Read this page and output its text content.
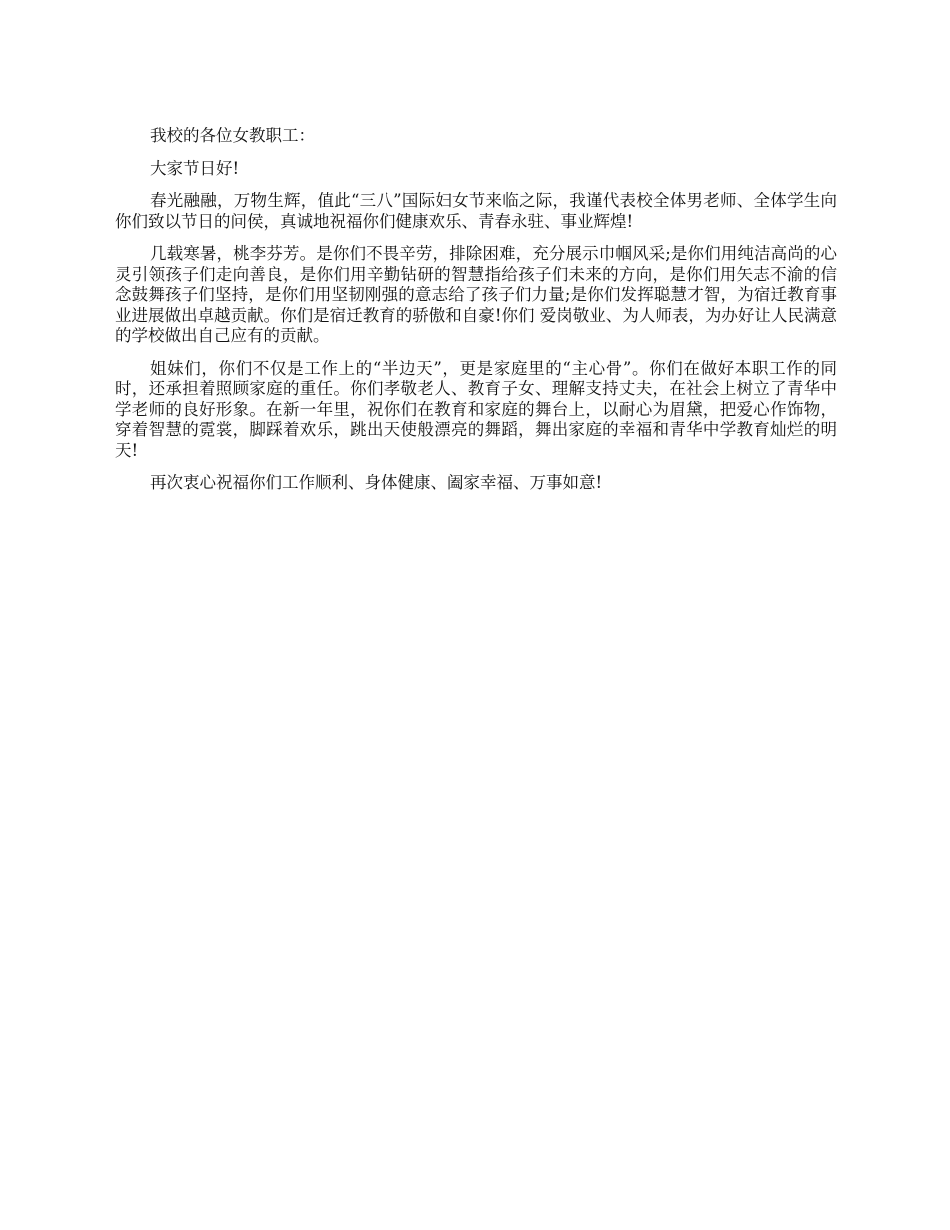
我校的各位女教职工：

大家节日好!

春光融融，万物生辉，值此“三八”国际妇女节来临之际，我谨代表校全体男老师、全体学生向你们致以节日的问侯，真诚地祝福你们健康欢乐、青春永驻、事业辉煌!

几载寒暑，桃李芬芳。是你们不畏辛劳，排除困难，充分展示巾帼风采;是你们用纯洁高尚的心灵引领孩子们走向善良，是你们用辛勤钻研的智慧指给孩子们未来的方向，是你们用矢志不渝的信念鼓舞孩子们坚持，是你们用坚韧刚强的意志给了孩子们力量;是你们发挥聪慧才智，为宿迁教育事业进展做出卓越贡献。你们是宿迁教育的骄傲和自豪!你们 爱岗敬业、为人师表，为办好让人民满意的学校做出自己应有的贡献。

姐妹们，你们不仅是工作上的“半边天”，更是家庭里的“主心骨”。你们在做好本职工作的同时，还承担着照顾家庭的重任。你们孝敬老人、教育子女、理解支持丈夫，在社会上树立了青华中学老师的良好形象。在新一年里，祝你们在教育和家庭的舞台上，以耐心为眉黛，把爱心作饰物，穿着智慧的霓裳，脚踩着欢乐，跳出天使般漂亮的舞蹈，舞出家庭的幸福和青华中学教育灿烂的明天!

再次衷心祝福你们工作顺利、身体健康、阖家幸福、万事如意!
